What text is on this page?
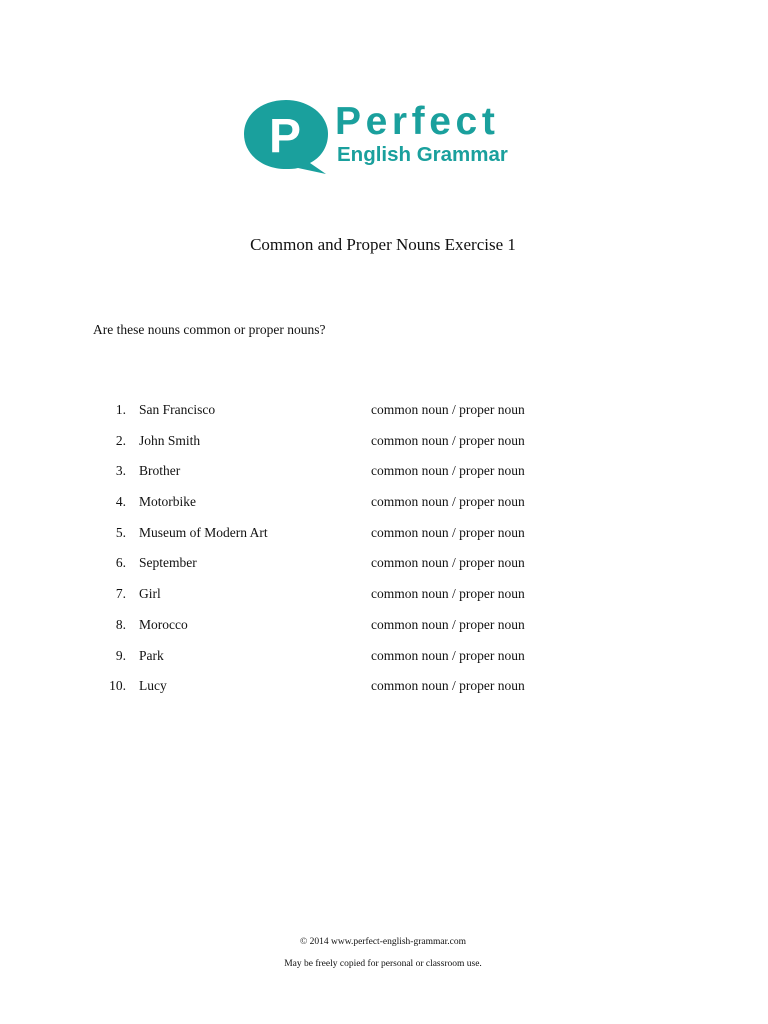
P Perfect
English Grammar
Common and Proper Nouns Exercise 1
Are these nouns common or proper nouns?
1. San Francisco	common noun / proper noun
2. John Smith	common noun / proper noun
3. Brother	common noun / proper noun
4. Motorbike	common noun / proper noun
5. Museum of Modern Art	common noun / proper noun
6. September	common noun / proper noun
7. Girl	common noun / proper noun
8. Morocco	common noun / proper noun
9. Park	common noun / proper noun
10. Lucy	common noun / proper noun
© 2014 www.perfect-english-grammar.com
May be freely copied for personal or classroom use.
